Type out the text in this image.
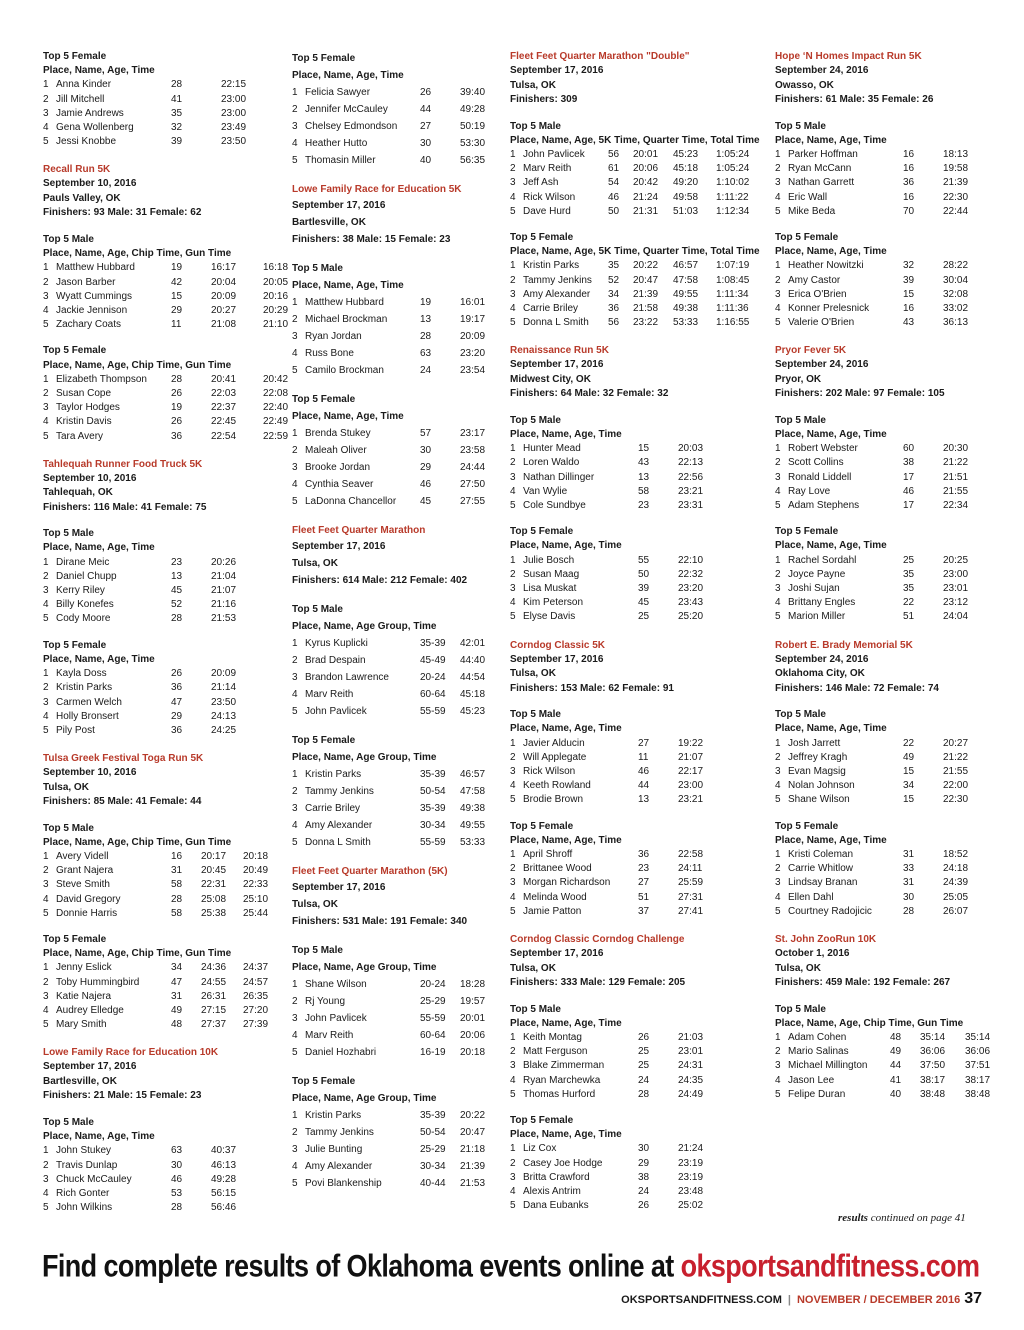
Top 5 Female
Place, Name, Age, Time
1 Anna Kinder	28	22:15
2 Jill Mitchell	41	23:00
3 Jamie Andrews	35	23:00
4 Gena Wollenberg	32	23:49
5 Jessi Knobbe	39	23:50
Recall Run 5K
September 10, 2016
Pauls Valley, OK
Finishers: 93 Male: 31 Female: 62
Top 5 Male
Place, Name, Age, Chip Time, Gun Time
1 Matthew Hubbard	19	16:17	16:18
2 Jason Barber	42	20:04	20:05
3 Wyatt Cummings	15	20:09	20:16
4 Jackie Jennison	29	20:27	20:29
5 Zachary Coats	11	21:08	21:10
Top 5 Female
Place, Name, Age, Chip Time, Gun Time
1 Elizabeth Thompson	28	20:41	20:42
2 Susan Cope	26	22:03	22:08
3 Taylor Hodges	19	22:37	22:40
4 Kristin Davis	26	22:45	22:49
5 Tara Avery	36	22:54	22:59
Tahlequah Runner Food Truck 5K
September 10, 2016
Tahlequah, OK
Finishers: 116 Male: 41 Female: 75
Top 5 Male
Place, Name, Age, Time
1 Dirane Meic	23	20:26
2 Daniel Chupp	13	21:04
3 Kerry Riley	45	21:07
4 Billy Konefes	52	21:16
5 Cody Moore	28	21:53
Top 5 Female
Place, Name, Age, Time
1 Kayla Doss	26	20:09
2 Kristin Parks	36	21:14
3 Carmen Welch	47	23:50
4 Holly Bronsert	29	24:13
5 Pily Post	36	24:25
Tulsa Greek Festival Toga Run 5K
September 10, 2016
Tulsa, OK
Finishers: 85 Male: 41 Female: 44
Top 5 Male
Place, Name, Age, Chip Time, Gun Time
1 Avery Videll	16	20:17	20:18
2 Grant Najera	31	20:45	20:49
3 Steve Smith	58	22:31	22:33
4 David Gregory	28	25:08	25:10
5 Donnie Harris	58	25:38	25:44
Top 5 Female
Place, Name, Age, Chip Time, Gun Time
1 Jenny Eslick	34	24:36	24:37
2 Toby Hummingbird	47	24:55	24:57
3 Katie Najera	31	26:31	26:35
4 Audrey Elledge	49	27:15	27:20
5 Mary Smith	48	27:37	27:39
Lowe Family Race for Education 10K
September 17, 2016
Bartlesville, OK
Finishers: 21 Male: 15 Female: 23
Top 5 Male
Place, Name, Age, Time
1 John Stukey	63	40:37
2 Travis Dunlap	30	46:13
3 Chuck McCauley	46	49:28
4 Rich Gonter	53	56:15
5 John Wilkins	28	56:46
Top 5 Female
Place, Name, Age, Time
1 Felicia Sawyer	26	39:40
2 Jennifer McCauley	44	49:28
3 Chelsey Edmondson	27	50:19
4 Heather Hutto	30	53:30
5 Thomasin Miller	40	56:35
Lowe Family Race for Education 5K
September 17, 2016
Bartlesville, OK
Finishers: 38 Male: 15 Female: 23
Top 5 Male
Place, Name, Age, Time
1 Matthew Hubbard	19	16:01
2 Michael Brockman	13	19:17
3 Ryan Jordan	28	20:09
4 Russ Bone	63	23:20
5 Camilo Brockman	24	23:54
Top 5 Female
Place, Name, Age, Time
1 Brenda Stukey	57	23:17
2 Maleah Oliver	30	23:58
3 Brooke Jordan	29	24:44
4 Cynthia Seaver	46	27:50
5 LaDonna Chancellor	45	27:55
Fleet Feet Quarter Marathon
September 17, 2016
Tulsa, OK
Finishers: 614 Male: 212 Female: 402
Top 5 Male
Place, Name, Age Group, Time
1 Kyrus Kuplicki	35-39	42:01
2 Brad Despain	45-49	44:40
3 Brandon Lawrence	20-24	44:54
4 Marv Reith	60-64	45:18
5 John Pavlicek	55-59	45:23
Top 5 Female
Place, Name, Age Group, Time
1 Kristin Parks	35-39	46:57
2 Tammy Jenkins	50-54	47:58
3 Carrie Briley	35-39	49:38
4 Amy Alexander	30-34	49:55
5 Donna L Smith	55-59	53:33
Fleet Feet Quarter Marathon (5K)
September 17, 2016
Tulsa, OK
Finishers: 531 Male: 191 Female: 340
Top 5 Male
Place, Name, Age Group, Time
1 Shane Wilson	20-24	18:28
2 Rj Young	25-29	19:57
3 John Pavlicek	55-59	20:01
4 Marv Reith	60-64	20:06
5 Daniel Hozhabri	16-19	20:18
Top 5 Female
Place, Name, Age Group, Time
1 Kristin Parks	35-39	20:22
2 Tammy Jenkins	50-54	20:47
3 Julie Bunting	25-29	21:18
4 Amy Alexander	30-34	21:39
5 Povi Blankenship	40-44	21:53
Fleet Feet Quarter Marathon "Double"
September 17, 2016
Tulsa, OK
Finishers: 309
Top 5 Male
Place, Name, Age, 5K Time, Quarter Time, Total Time
1 John Pavlicek	56	20:01	45:23	1:05:24
2 Marv Reith	61	20:06	45:18	1:05:24
3 Jeff Ash	54	20:42	49:20	1:10:02
4 Rick Wilson	46	21:24	49:58	1:11:22
5 Dave Hurd	50	21:31	51:03	1:12:34
Top 5 Female
Place, Name, Age, 5K Time, Quarter Time, Total Time
1 Kristin Parks	35	20:22	46:57	1:07:19
2 Tammy Jenkins	52	20:47	47:58	1:08:45
3 Amy Alexander	34	21:39	49:55	1:11:34
4 Carrie Briley	36	21:58	49:38	1:11:36
5 Donna L Smith	56	23:22	53:33	1:16:55
Renaissance Run 5K
September 17, 2016
Midwest City, OK
Finishers: 64 Male: 32 Female: 32
Top 5 Male
Place, Name, Age, Time
1 Hunter Mead	15	20:03
2 Loren Waldo	43	22:13
3 Nathan Dillinger	13	22:56
4 Van Wylie	58	23:21
5 Cole Sundbye	23	23:31
Top 5 Female
Place, Name, Age, Time
1 Julie Bosch	55	22:10
2 Susan Maag	50	22:32
3 Lisa Muskat	39	23:20
4 Kim Peterson	45	23:43
5 Elyse Davis	25	25:20
Corndog Classic 5K
September 17, 2016
Tulsa, OK
Finishers: 153 Male: 62 Female: 91
Top 5 Male
Place, Name, Age, Time
1 Javier Alducin	27	19:22
2 Will Applegate	11	21:07
3 Rick Wilson	46	22:17
4 Keeth Rowland	44	23:00
5 Brodie Brown	13	23:21
Top 5 Female
Place, Name, Age, Time
1 April Shroff	36	22:58
2 Brittanee Wood	23	24:11
3 Morgan Richardson	27	25:59
4 Melinda Wood	51	27:31
5 Jamie Patton	37	27:41
Corndog Classic Corndog Challenge
September 17, 2016
Tulsa, OK
Finishers: 333 Male: 129 Female: 205
Top 5 Male
Place, Name, Age, Time
1 Keith Montag	26	21:03
2 Matt Ferguson	25	23:01
3 Blake Zimmerman	25	24:31
4 Ryan Marchewka	24	24:35
5 Thomas Hurford	28	24:49
Top 5 Female
Place, Name, Age, Time
1 Liz Cox	30	21:24
2 Casey Joe Hodge	29	23:19
3 Britta Crawford	38	23:19
4 Alexis Antrim	24	23:48
5 Dana Eubanks	26	25:02
Hope ‘N Homes Impact Run 5K
September 24, 2016
Owasso, OK
Finishers: 61 Male: 35 Female: 26
Top 5 Male
Place, Name, Age, Time
1 Parker Hoffman	16	18:13
2 Ryan McCann	16	19:58
3 Nathan Garrett	36	21:39
4 Eric Wall	16	22:30
5 Mike Beda	70	22:44
Top 5 Female
Place, Name, Age, Time
1 Heather Nowitzki	32	28:22
2 Amy Castor	39	30:04
3 Erica O'Brien	15	32:08
4 Konner Prelesnick	16	33:02
5 Valerie O'Brien	43	36:13
Pryor Fever 5K
September 24, 2016
Pryor, OK
Finishers: 202 Male: 97 Female: 105
Top 5 Male
Place, Name, Age, Time
1 Robert Webster	60	20:30
2 Scott Collins	38	21:22
3 Ronald Liddell	17	21:51
4 Ray Love	46	21:55
5 Adam Stephens	17	22:34
Top 5 Female
Place, Name, Age, Time
1 Rachel Sordahl	25	20:25
2 Joyce Payne	35	23:00
3 Joshi Sujan	35	23:01
4 Brittany Engles	22	23:12
5 Marion Miller	51	24:04
Robert E. Brady Memorial 5K
September 24, 2016
Oklahoma City, OK
Finishers: 146 Male: 72 Female: 74
Top 5 Male
Place, Name, Age, Time
1 Josh Jarrett	22	20:27
2 Jeffrey Kragh	49	21:22
3 Evan Magsig	15	21:55
4 Nolan Johnson	34	22:00
5 Shane Wilson	15	22:30
Top 5 Female
Place, Name, Age, Time
1 Kristi Coleman	31	18:52
2 Carrie Whitlow	33	24:18
3 Lindsay Branan	31	24:39
4 Ellen Dahl	30	25:05
5 Courtney Radojicic	28	26:07
St. John ZooRun 10K
October 1, 2016
Tulsa, OK
Finishers: 459 Male: 192 Female: 267
Top 5 Male
Place, Name, Age, Chip Time, Gun Time
1 Adam Cohen	48	35:14	35:14
2 Mario Salinas	49	36:06	36:06
3 Michael Millington	44	37:50	37:51
4 Jason Lee	41	38:17	38:17
5 Felipe Duran	40	38:48	38:48
results continued on page 41
Find complete results of Oklahoma events online at oksportsandfitness.com
OKSPORTSANDFITNESS.COM | NOVEMBER / DECEMBER 2016 37
